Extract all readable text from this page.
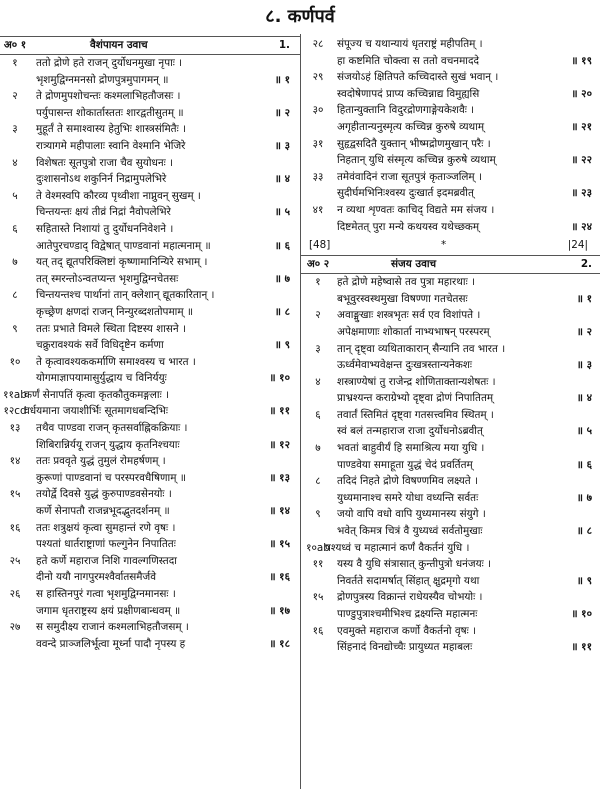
८. कर्णपर्व
अ० १	वैशंपायन उवाच	1.
१	ततो द्रोणे हते राजन् दुर्योधनमुखा नृपाः ।
भृशमुद्विग्नमनसो द्रोणपुत्रमुपागमन् ॥	॥ १
२	ते द्रोणमुपशोचन्तः कश्मलाभिहतौजसः ।
पर्युपासन्त शोकार्तास्ततः शारद्वतीसुतम् ॥	॥ २
३	मुहूर्तं ते समाश्वास्य हेतुभिः शास्त्रसंमितैः ।
रात्र्यागमे महीपालाः स्वानि वेश्मानि भेजिरे	॥ ३
४	विशेषतः सूतपुत्रो राजा चैव सुयोधनः ।
दुःशासनोऽथ शकुनिर्न निद्रामुपलेभिरे	॥ ४
५	ते वेश्मस्वपि कौरव्य पृथ्वीशा नाप्नुवन् सुखम् ।
चिन्तयन्तः क्षयं तीव्रं निद्रां नैवोपलेभिरे	॥ ५
६	सहितास्ते निशायां तु दुर्योधननिवेशने ।
आतेपुरचण्डाद् विद्वेषात् पाण्डवानां महात्मनाम् ॥	॥ ६
७	यत् तद् द्यूतपरिक्लिष्टां कृष्णामानिन्यिरे सभाम् ।
तत् स्मरन्तोऽन्वतप्यन्त भृशमुद्विग्नचेतसः	॥ ७
८	चिन्तयन्तश्च पार्थानां तान् क्लेशान् द्यूतकारितान् ।
कृच्छ्रेण क्षणदां राजन् निन्युरब्दशतोपमाम् ॥	॥ ८
९	ततः प्रभाते विमले स्थिता दिष्टस्य शासने ।
चक्रुरावश्यकं सर्वे विधिदृष्टेन कर्मणा	॥ ९
१०	ते कृत्वावश्यककर्माणि समाश्वस्य च भारत ।
योगमाज्ञापयामासुर्युद्धाय च विनिर्ययुः	॥ १०
११ab
कर्णं सेनापतिं कृत्वा कृतकौतुकमङ्गलाः ।
१२cd
वर्धयमाना जयाशीर्भिः सूतमागधबन्दिभिः	॥ ११
१३	तथैव पाण्डवा राजन् कृतसर्वाह्निकक्रियाः ।
शिबिरान्निर्ययू राजन् युद्धाय कृतनिश्चयाः	॥ १२
१४	ततः प्रववृते युद्धं तुमुलं रोमहर्षणम् ।
कुरूणां पाण्डवानां च परस्परवधैषिणाम् ॥	॥ १३
१५	तयोर्द्वे दिवसे युद्धं कुरुपाण्डवसेनयोः ।
कर्णे सेनापतौ राजन्नभूदद्भुतदर्शनम् ॥	॥ १४
१६	ततः शत्रुक्षयं कृत्वा सुमहान्तं रणे वृषः ।
पश्यतां धार्तराष्ट्राणां फल्गुनेन निपातितः	॥ १५
२५	हते कर्णे महाराज निशि गावल्गणिस्तदा
दीनो ययौ नागपुरमश्वैर्वातसमैर्जवे	॥ १६
२६	स हास्तिनपुरं गत्वा भृशमुद्विग्नमानसः ।
जगाम धृतराष्ट्रस्य क्षयं प्रक्षीणबान्धवम् ॥	॥ १७
२७	स समुदीक्ष्य राजानं कश्मलाभिहतौजसम् ।
ववन्दे प्राञ्जलिर्भूत्वा मूर्ध्ना पादौ नृपस्य ह	॥ १८
२८	संपूज्य च यथान्यायं धृतराष्ट्रं महीपतिम् ।
हा कष्टमिति चोक्त्वा स ततो वचनमाददे	॥ १९
२९	संजयोऽहं क्षितिपते कच्चिदास्ते सुखं भवान् ।
स्वदोषेणापदं प्राप्य कच्चिन्नाद्य विमुह्यसि	॥ २०
३०	हितान्युक्तानि विदुरद्रोणगाङ्गेयकेशवैः ।
अगृहीतान्यनुस्मृत्य कच्चिन्न कुरुषे व्यथाम्	॥ २१
३१	सुहृद्वसदितै युक्तान् भीष्मद्रोणमुखान् परैः ।
निहतान् युधि संस्मृत्य कच्चिन्न कुरुषे व्यथाम्	॥ २२
३३	तमेवंवादिनं राजा सूतपुत्रं कृताञ्जलिम् ।
सुदीर्घमभिनिःश्वस्य दुःखार्त इदमब्रवीत्	॥ २३
४१	न व्यथा शृण्वतः काचिद् विद्यते मम संजय ।
दिष्टमेतत् पुरा मन्ये कथयस्व यथेच्छकम्	॥ २४
[48]	*	|24|
अ० २	संजय उवाच	2.
१	हते द्रोणे महेष्वासे तव पुत्रा महारथाः ।
बभूवुरस्वस्थमुखा विषण्णा गतचेतसः	॥ १
२	अवाङ्मुखाः शस्त्रभृतः सर्व एव विशांपते ।
अपेक्षमाणाः शोकार्ता नाभ्यभाषन् परस्परम्	॥ २
३	तान् दृष्ट्वा व्यथिताकारान् सैन्यानि तव भारत ।
ऊर्ध्वमेवाभ्यवेक्षन्त दुःखत्रस्तान्यनेकशः	॥ ३
४	शस्त्राण्येषां तु राजेन्द्र शोणिताक्तान्यशेषतः ।
प्राभ्रश्यन्त कराग्रेभ्यो दृष्ट्वा द्रोणं निपातितम्	॥ ४
६	तवार्तं स्तिमितं दृष्ट्वा गतसत्त्वमिव स्थितम् ।
स्वं बलं तन्महाराज राजा दुर्योधनोऽब्रवीत्	॥ ५
७	भवतां बाहुवीर्यं हि समाश्रित्य मया युधि ।
पाण्डवेया समाहूता युद्धं चेदं प्रवर्तितम्	॥ ६
८	तदिदं निहते द्रोणे विषण्णमिव लक्ष्यते ।
युध्यमानाश्च समरे योधा वध्यन्ति सर्वतः	॥ ७
९	जयो वापि वधो वापि युध्यमानस्य संयुगे ।
भवेत् किमत्र चित्रं वै युध्यध्वं सर्वतोमुखाः	॥ ८
१०ab
पश्यध्वं च महात्मानं कर्णं वैकर्तनं युधि ।
११	यस्य वै युधि संत्रासात् कुन्तीपुत्रो धनंजयः ।
निवर्तते सदामर्षात् सिंहात् क्षुद्रमृगो यथा	॥ ९
१५	द्रोणपुत्रस्य विक्रान्तं राधेयस्यैव चोभयोः ।
पाण्डुपुत्राश्चमीभिश्च द्रक्ष्यन्ति महात्मनः	॥ १०
१६	एवमुक्ते महाराज कर्णो वैकर्तनो वृषः ।
सिंहनादं विनद्योच्चैः प्रायुध्यत महाबलः	॥ ११
